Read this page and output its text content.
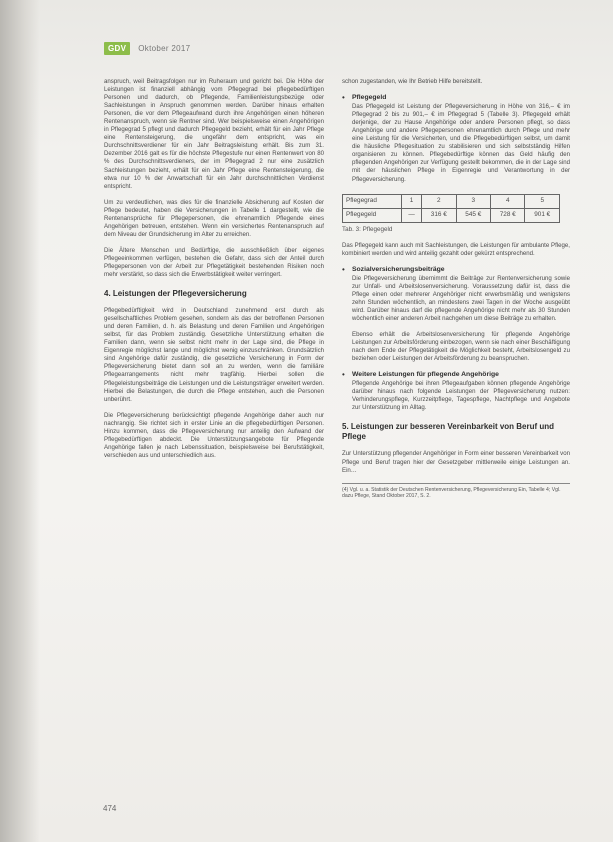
GDV	Oktober 2017

anspruch, weil Beitragsfolgen nur im Ruheraum und gericht bei. Die Höhe der Leistungen ist finanziell abhängig vom Pflegegrad bei pflegebedürftigen Personen und dadurch, ob Pflegende, Familienleistungsbezüge oder Sachleistungen in Anspruch genommen werden. Darüber hinaus erhalten Personen, die vor dem Pflegeaufwand durch ihre Angehörigen einen höheren Rentenanspruch, wenn sie Rentner sind. Wer beispielsweise einen Angehörigen in Pflegegrad 5 pflegt und dadurch Pflegegeld bezieht, erhält für ein Jahr Pflege eine Rentensteigerung, die ungefähr dem entspricht, was ein Durchschnittsverdiener für ein Jahr Beitragsleistung erhält. Bis zum 31. Dezember 2016 galt es für die höchste Pflegestufe nur einen Rentenwert von 80 % des Durchschnittsverdieners, der im Pflegegrad 2 nur eine zusätzlich Sachleistungen bezieht, erhält für ein Jahr Pflege eine Rentensteigerung, die etwa nur 10 % der Anwartschaft für ein Jahr durchschnittlichen Verdienst entspricht.

Um zu verdeutlichen, was dies für die finanzielle Absicherung auf Kosten der Pflege bedeutet, haben die Versicherungen in Tabelle 1 dargestellt, wie die Rentenansprüche für Pflegepersonen, die ehrenamtlich Pflegende eines Angehörigen betreuen, entstehen. Wenn ein versichertes Rentenanspruch auf dem Niveau der Grundsicherung im Alter zu erreichen.

Die Ältere Menschen und Bedürftige, die ausschließlich über eigenes Pflegeeinkommen verfügen, bestehen die Gefahr, dass sich der Anteil durch Pflegepersonen von der Arbeit zur Pflegetätigkeit bestehenden Risiken noch mehr verstärkt, so dass sich die Erwerbstätigkeit weiter verringert.

4. Leistungen der Pflegeversicherung

Pflegebedürftigkeit wird in Deutschland zunehmend erst durch als gesellschaftliches Problem gesehen, sondern als das der betroffenen Personen und deren Familien, d. h. als Belastung und deren Familien und Angehörigen selbst, für das Problem zuständig. Gesetzliche Unterstützung erhalten die Familien dann, wenn sie selbst nicht mehr in der Lage sind, die Pflege in Eigenregie möglichst lange und möglichst wenig einzuschränken. Grundsätzlich sind Angehörige dafür zuständig, die gesetzliche Versicherung in Form der Pflegeversicherung bietet dann soll an zu werden, wenn die familiäre Pflegearrangements nicht mehr tragfähig. Hierbei sollen die Pflegeleistungsbeiträge die Leistungen und die Leistungsträger erweitert werden. Hierbei die Belastungen, die durch die Pflege entstehen, auch die Personen unberührt.

Die Pflegeversicherung berücksichtigt pflegende Angehörige daher auch nur nachrangig. Sie richtet sich in erster Linie an die pflegebedürftigen Personen. Hinzu kommen, dass die Pflegeversicherung nur anteilig den Aufwand der Pflegebedürftigen abdeckt. Die Unterstützungsangebote für Pflegende Angehörige fallen je nach Lebenssituation, beispielsweise bei Berufstätigkeit, verschieden aus und unterschiedlich aus.

schon zugestanden, wie Ihr Betrieb Hilfe bereitstellt.

• Pflegegeld
Das Pflegegeld ist Leistung der Pflegeversicherung in Höhe von 316,– € im Pflegegrad 2 bis zu 901,– € im Pflegegrad 5 (Tabelle 3). Pflegegeld erhält derjenige, der zu Hause Angehörige oder andere Personen pflegt, so dass Angehörige und andere Pflegepersonen ehrenamtlich durch Pflege und mehr eine Leistung für die Versicherten, und die Pflegebedürftigen selbst, um damit die häusliche Pflegesituation zu stabilisieren und sich selbstständig Hilfen organisieren zu können. Pflegebedürftige können das Geld häufig den pflegenden Angehörigen zur Verfügung gestellt bekommen, die in der Lage sind mit der häuslichen Pflege in Eigenregie und Verantwortung in der Pflegeversicherung.
Pflegegrad	1	2	3	4	5
Pflegegeld	—	316 €	545 €	728 €	901 €
Tab. 3: Pflegegeld

Das Pflegegeld kann auch mit Sachleistungen, die Leistungen für ambulante Pflege, kombiniert werden und wird anteilig gezahlt oder gekürzt entsprechend.

• Sozialversicherungsbeiträge
Die Pflegeversicherung übernimmt die Beiträge zur Rentenversicherung sowie zur Unfall- und Arbeitslosenversicherung. Voraussetzung dafür ist, dass die Pflege einen oder mehrerer Angehöriger nicht erwerbsmäßig und wenigstens zehn Stunden wöchentlich, an mindestens zwei Tagen in der Woche ausgeübt wird. Darüber hinaus darf die pflegende Angehörige nicht mehr als 30 Stunden wöchentlich einer anderen Arbeit nachgehen um diese Beiträge zu erhalten.
Ebenso erhält die Arbeitslosenversicherung für pflegende Angehörige Leistungen zur Arbeitsförderung einbezogen, wenn sie nach einer Beschäftigung nach dem Ende der Pflegetätigkeit die Möglichkeit besteht, Arbeitslosengeld zu beziehen oder Leistungen der Arbeitsförderung zu beanspruchen.
• Weitere Leistungen für pflegende Angehörige
Pflegende Angehörige bei ihren Pflegeaufgaben können pflegende Angehörige darüber hinaus nach folgende Leistungen der Pflegeversicherung nutzen: Verhinderungspflege, Kurzzeitpflege, Tagespflege, Nachtpflege und Angebote zur Unterstützung im Alltag.
5. Leistungen zur besseren Vereinbarkeit von Beruf und Pflege

Zur Unterstützung pflegender Angehöriger in Form einer besseren Vereinbarkeit von Pflege und Beruf tragen hier der Gesetzgeber mittlerweile einige Leistungen an. Ein…

(4) Vgl. u. a. Statistik der Deutschen Rentenversicherung, Pflegeversicherung Ein, Tabelle 4; Vgl. dazu Pflege, Stand Oktober 2017, S. 2.
474
